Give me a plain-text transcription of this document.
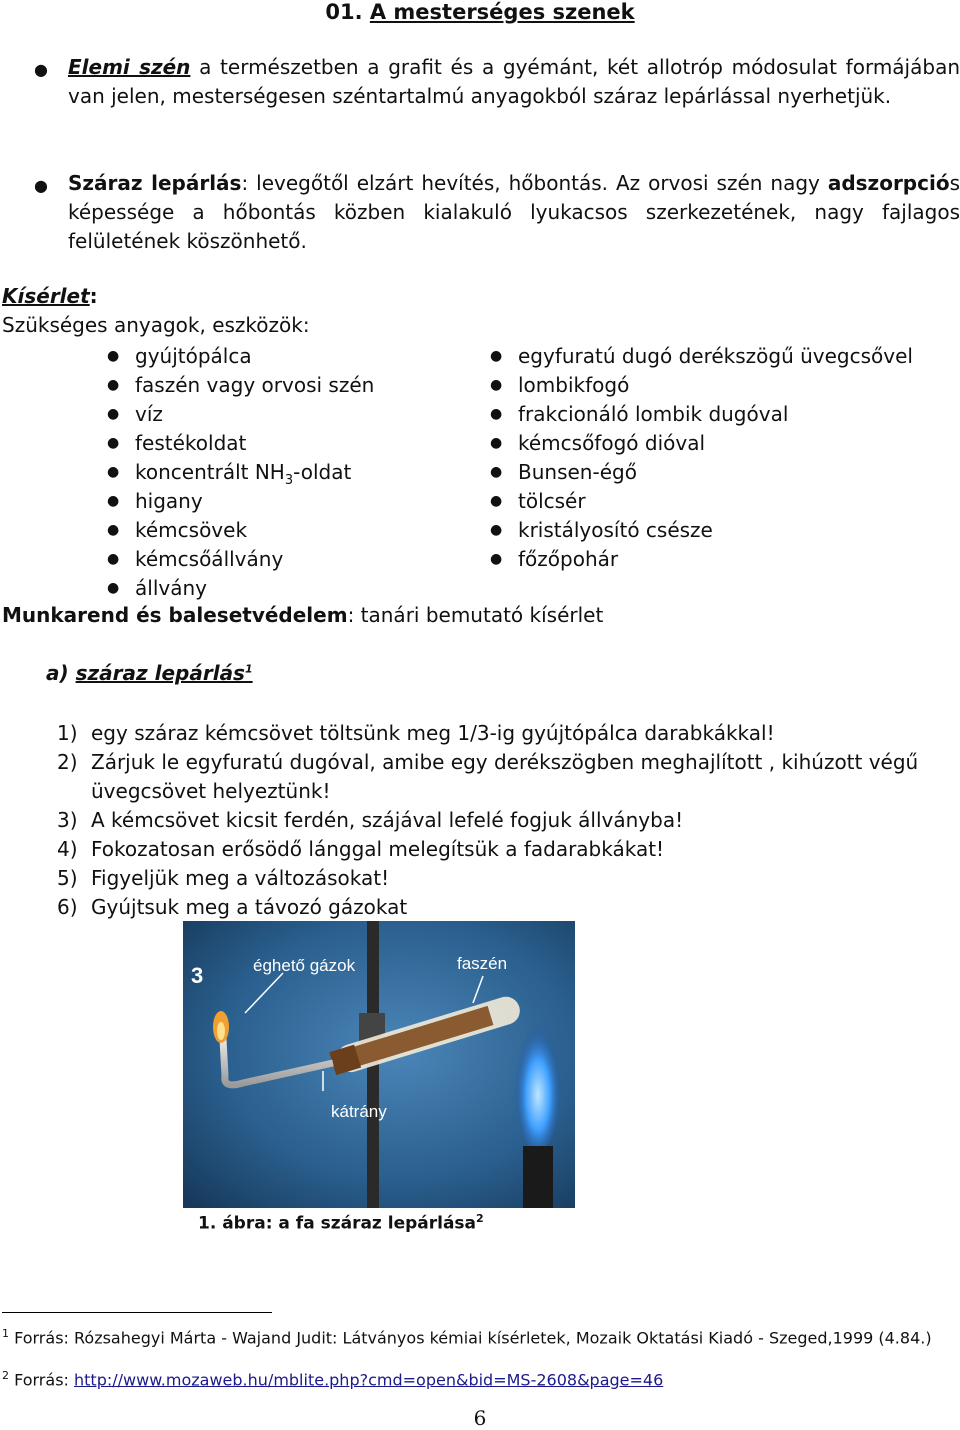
01. A mesterséges szenek
● Elemi szén a természetben a grafit és a gyémánt, két allotróp módosulat formájában van jelen, mesterségesen széntartalmú anyagokból száraz lepárlással nyerhetjük.
● Száraz lepárlás: levegőtől elzárt hevítés, hőbontás. Az orvosi szén nagy adszorpciós képessége a hőbontás közben kialakuló lyukacsos szerkezetének, nagy fajlagos felületének köszönhető.
Kísérlet:
Szükséges anyagok, eszközök:
● gyújtópálca
● faszén vagy orvosi szén
● víz
● festékoldat
● koncentrált $NH_3$-oldat
● higany
● kémcsövek
● kémcsőállvány
● állvány
● egyfuratú dugó derékszögű üvegcsővel
● lombikfogó
● frakcionáló lombik dugóval
● kémcsőfogó dióval
● Bunsen-égő
● tölcsér
● kristályosító csésze
● főzőpohár
Munkarend és balesetvédelem: tanári bemutató kísérlet
a) száraz lepárlás$^1$
1) egy száraz kémcsövet töltsünk meg 1/3-ig gyújtópálca darabkákkal!
2) Zárjuk le egyfuratú dugóval, amibe egy derékszögben meghajlított , kihúzott végű üvegcsövet helyeztünk!
3) A kémcsövet kicsit ferdén, szájával lefelé fogjuk állványba!
4) Fokozatosan erősödő lánggal melegítsük a fadarabkákat!
5) Figyeljük meg a változásokat!
6) Gyújtsuk meg a távozó gázokat
3	éghető gázok	faszén
kátrány
1. ábra: a fa száraz lepárlása$^2$
$^1$ Forrás: Rózsahegyi Márta - Wajand Judit: Látványos kémiai kísérletek, Mozaik Oktatási Kiadó - Szeged,1999 (4.84.)
$^2$ Forrás: http://www.mozaweb.hu/mblite.php?cmd=open&bid=MS-2608&page=46
6
